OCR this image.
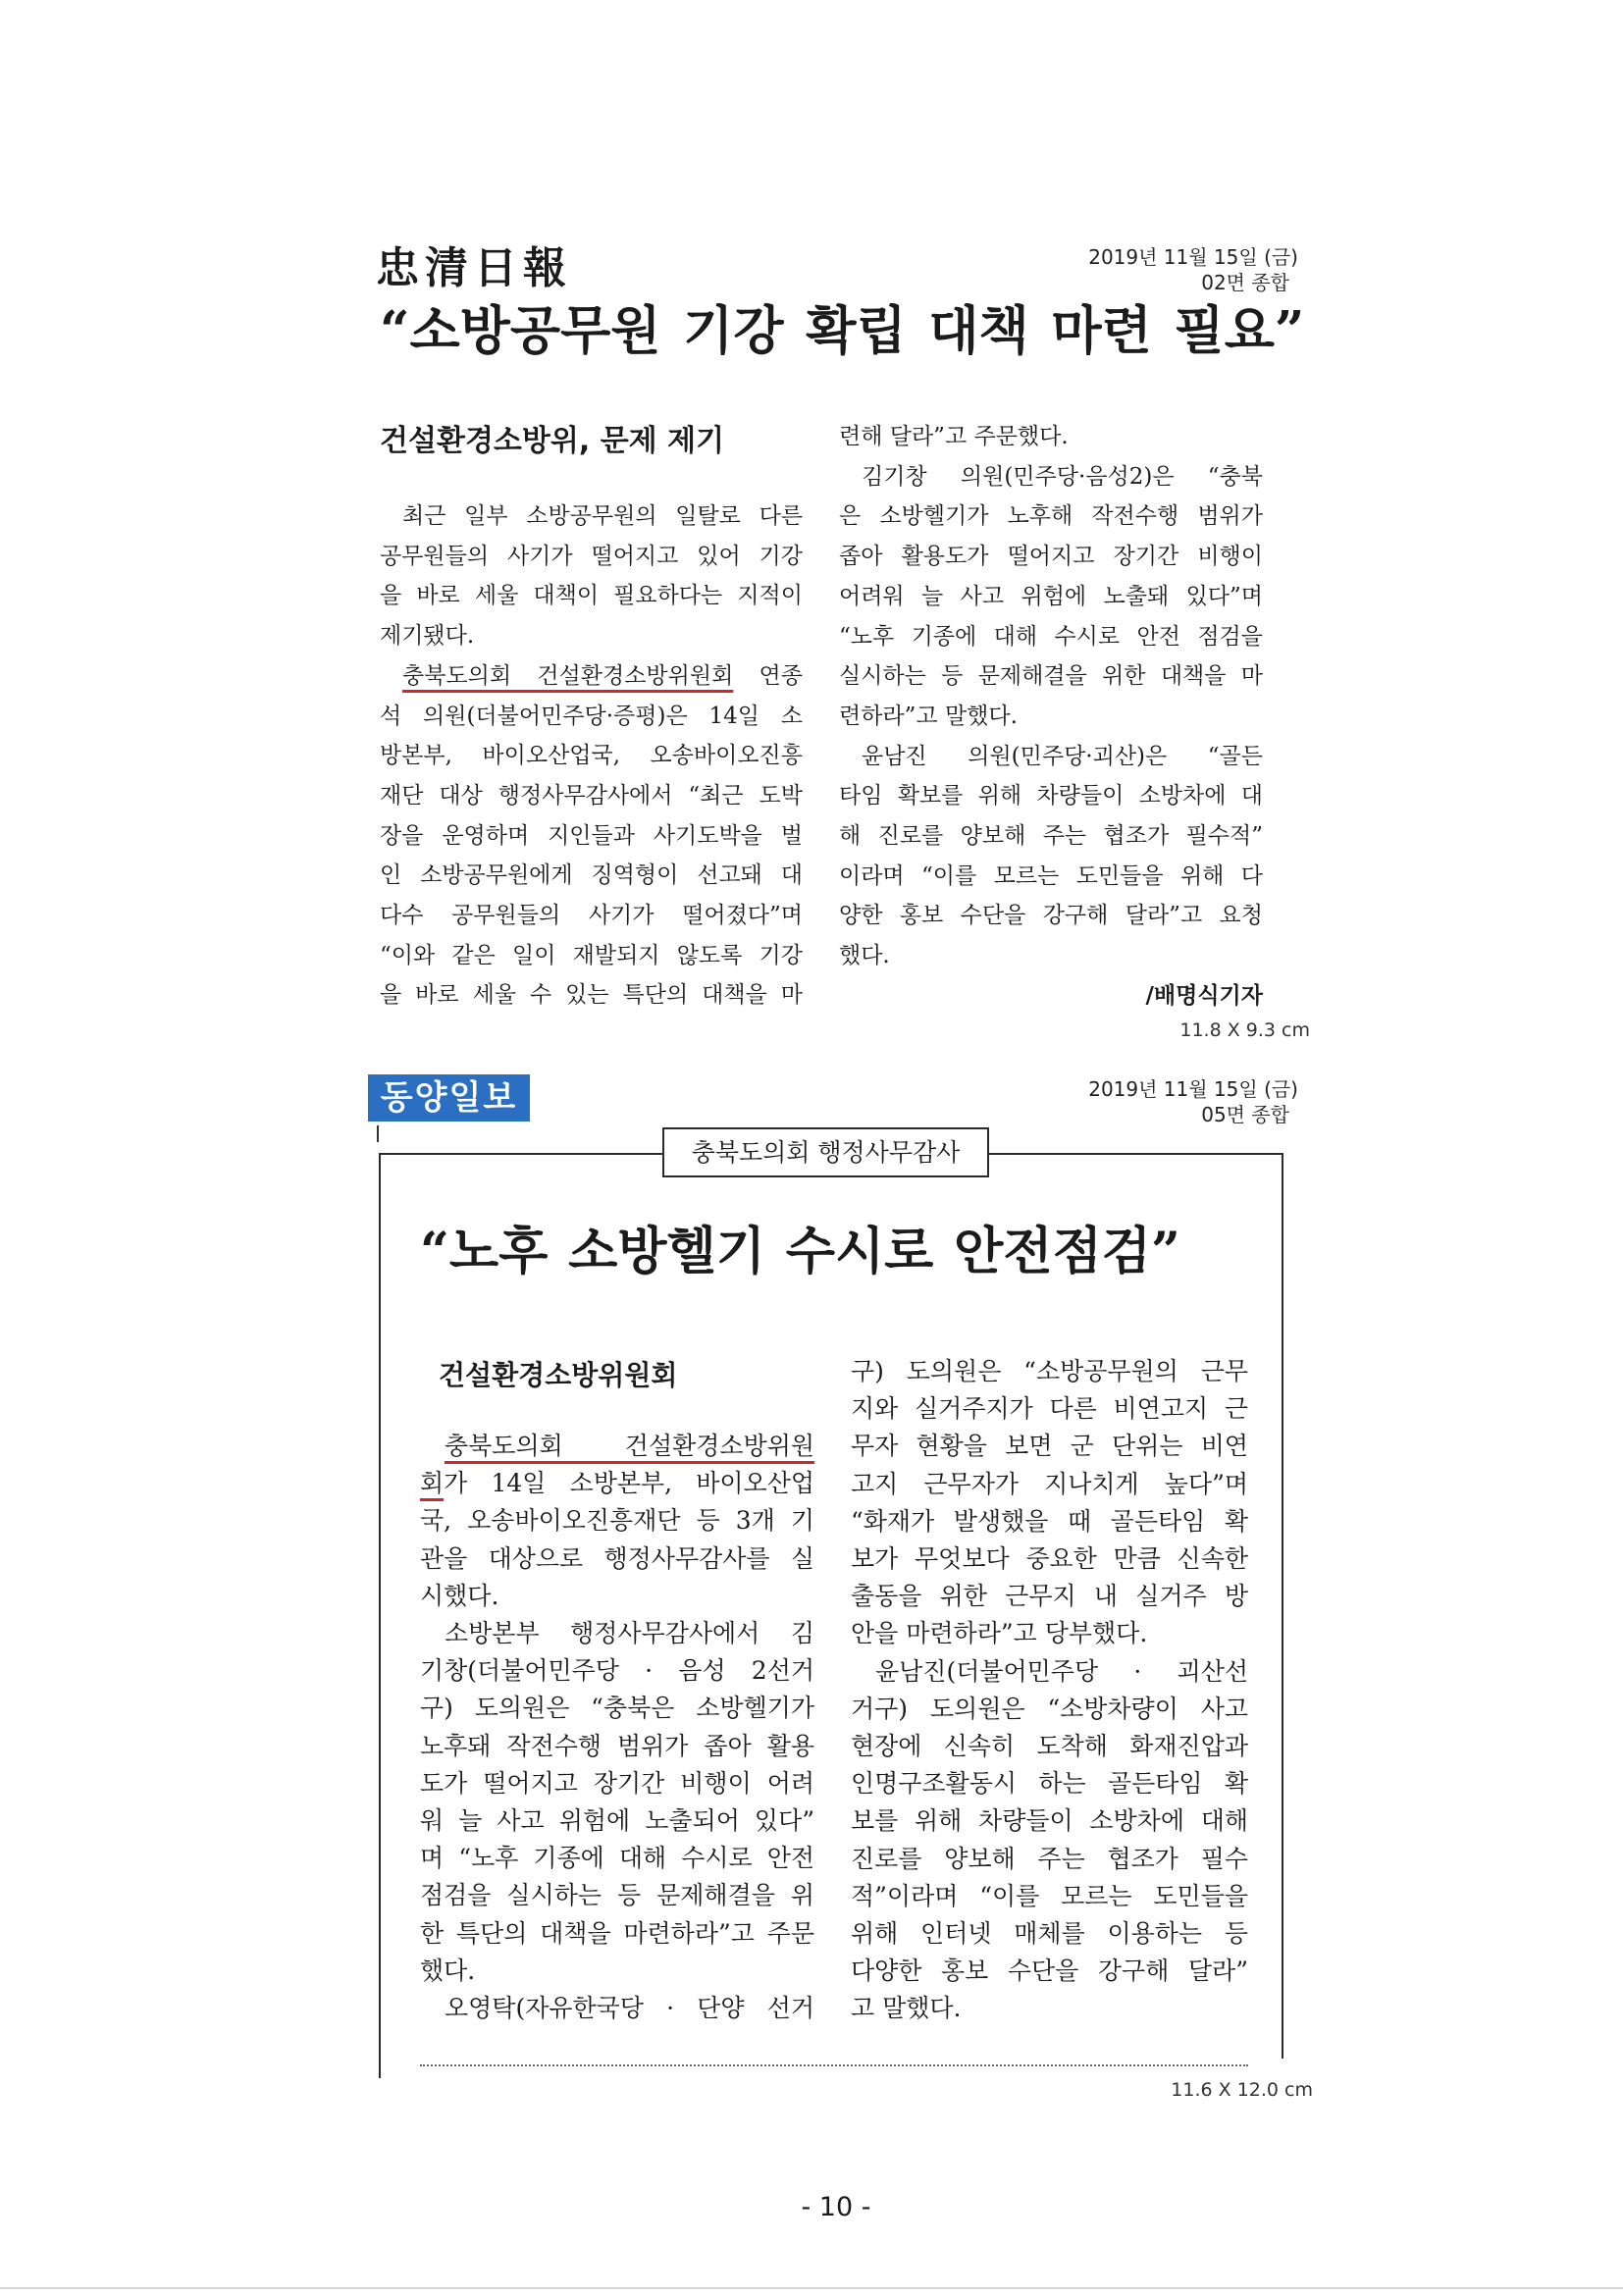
忠清日報	2019년 11월 15일 (금)
02면 종합
“소방공무원 기강 확립 대책 마련 필요”
건설환경소방위, 문제 제기
최근 일부 소방공무원의 일탈로 다른
공무원들의 사기가 떨어지고 있어 기강
을 바로 세울 대책이 필요하다는 지적이
제기됐다.
충북도의회 건설환경소방위원회 연종
석 의원(더불어민주당·증평)은 14일 소
방본부, 바이오산업국, 오송바이오진흥
재단 대상 행정사무감사에서 “최근 도박
장을 운영하며 지인들과 사기도박을 벌
인 소방공무원에게 징역형이 선고돼 대
다수 공무원들의 사기가 떨어졌다”며
“이와 같은 일이 재발되지 않도록 기강
을 바로 세울 수 있는 특단의 대책을 마
련해 달라”고 주문했다.
김기창 의원(민주당·음성2)은 “충북
은 소방헬기가 노후해 작전수행 범위가
좁아 활용도가 떨어지고 장기간 비행이
어려워 늘 사고 위험에 노출돼 있다”며
“노후 기종에 대해 수시로 안전 점검을
실시하는 등 문제해결을 위한 대책을 마
련하라”고 말했다.
윤남진 의원(민주당·괴산)은 “골든
타임 확보를 위해 차량들이 소방차에 대
해 진로를 양보해 주는 협조가 필수적”
이라며 “이를 모르는 도민들을 위해 다
양한 홍보 수단을 강구해 달라”고 요청
했다.
/배명식기자
11.8 X 9.3 cm
동양일보	2019년 11월 15일 (금)
05면 종합
충북도의회 행정사무감사
“노후 소방헬기 수시로 안전점검”
건설환경소방위원회
충북도의회 건설환경소방위원
회가 14일 소방본부, 바이오산업
국, 오송바이오진흥재단 등 3개 기
관을 대상으로 행정사무감사를 실
시했다.
소방본부 행정사무감사에서 김
기창(더불어민주당 · 음성 2선거
구) 도의원은 “충북은 소방헬기가
노후돼 작전수행 범위가 좁아 활용
도가 떨어지고 장기간 비행이 어려
워 늘 사고 위험에 노출되어 있다”
며 “노후 기종에 대해 수시로 안전
점검을 실시하는 등 문제해결을 위
한 특단의 대책을 마련하라”고 주문
했다.
오영탁(자유한국당 · 단양 선거
구) 도의원은 “소방공무원의 근무
지와 실거주지가 다른 비연고지 근
무자 현황을 보면 군 단위는 비연
고지 근무자가 지나치게 높다”며
“화재가 발생했을 때 골든타임 확
보가 무엇보다 중요한 만큼 신속한
출동을 위한 근무지 내 실거주 방
안을 마련하라”고 당부했다.
윤남진(더불어민주당 · 괴산선
거구) 도의원은 “소방차량이 사고
현장에 신속히 도착해 화재진압과
인명구조활동시 하는 골든타임 확
보를 위해 차량들이 소방차에 대해
진로를 양보해 주는 협조가 필수
적”이라며 “이를 모르는 도민들을
위해 인터넷 매체를 이용하는 등
다양한 홍보 수단을 강구해 달라”
고 말했다.
11.6 X 12.0 cm
- 10 -
